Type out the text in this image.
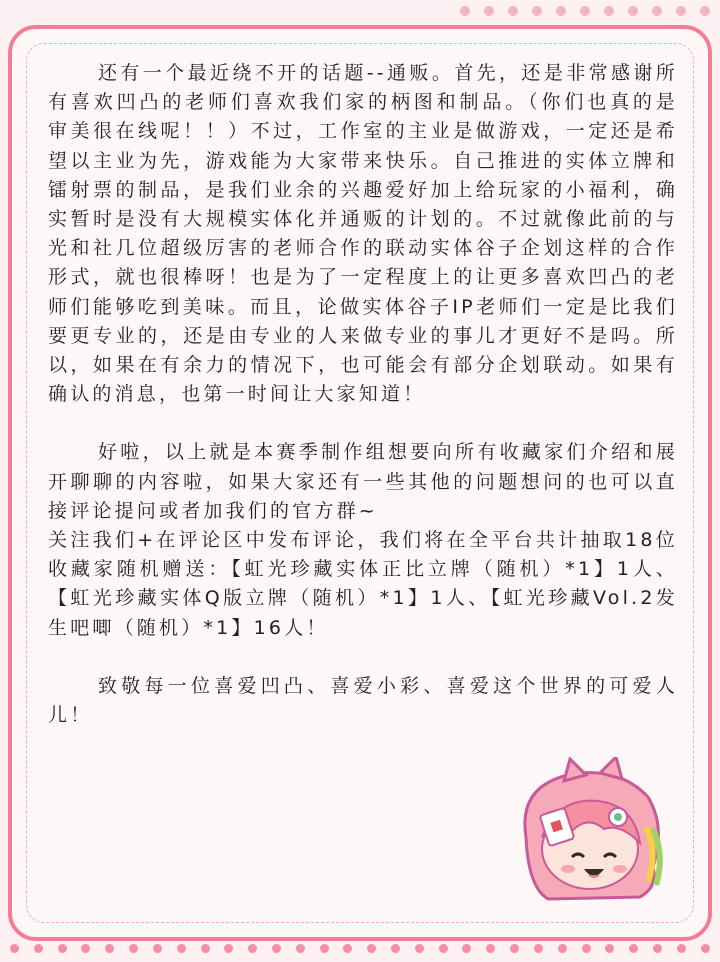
还有一个最近绕不开的话题--通贩。首先，还是非常感谢所有喜欢凹凸的老师们喜欢我们家的柄图和制品。（你们也真的是审美很在线呢！！）不过，工作室的主业是做游戏，一定还是希望以主业为先，游戏能为大家带来快乐。自己推进的实体立牌和镭射票的制品，是我们业余的兴趣爱好加上给玩家的小福利，确实暂时是没有大规模实体化并通贩的计划的。不过就像此前的与光和社几位超级厉害的老师合作的联动实体谷子企划这样的合作形式，就也很棒呀！也是为了一定程度上的让更多喜欢凹凸的老师们能够吃到美味。而且，论做实体谷子IP老师们一定是比我们要更专业的，还是由专业的人来做专业的事儿才更好不是吗。所以，如果在有余力的情况下，也可能会有部分企划联动。如果有确认的消息，也第一时间让大家知道！

好啦，以上就是本赛季制作组想要向所有收藏家们介绍和展开聊聊的内容啦，如果大家还有一些其他的问题想问的也可以直接评论提问或者加我们的官方群~

关注我们+在评论区中发布评论，我们将在全平台共计抽取18位收藏家随机赠送：【虹光珍藏实体正比立牌（随机）*1】1人、【虹光珍藏实体Q版立牌（随机）*1】1人、【虹光珍藏Vol.2发生吧唧（随机）*1】16人！

致敬每一位喜爱凹凸、喜爱小彩、喜爱这个世界的可爱人儿！
